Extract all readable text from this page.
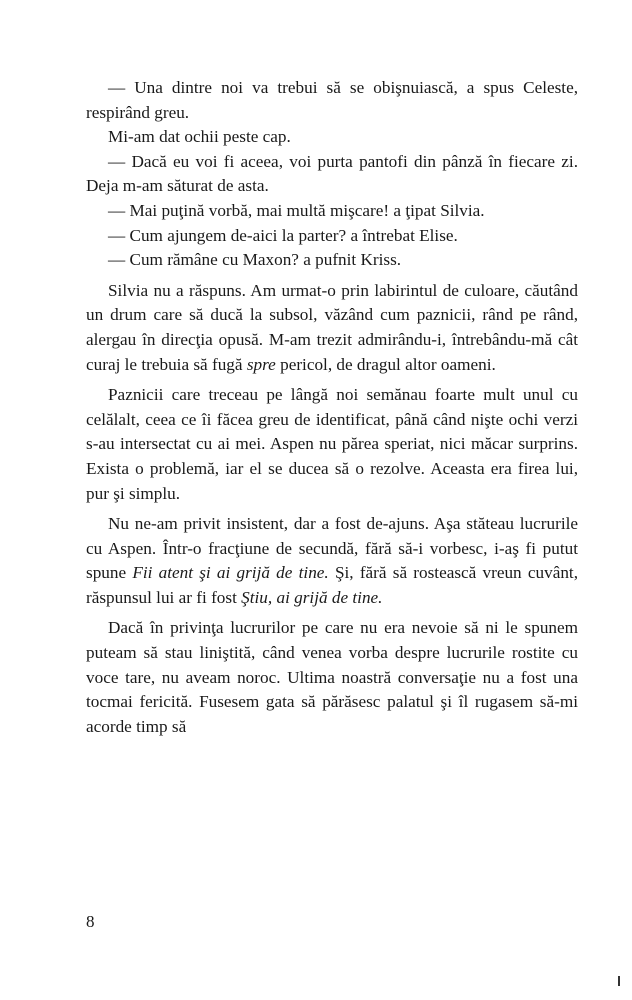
— Una dintre noi va trebui să se obişnuiască, a spus Celeste, respirând greu.

Mi-am dat ochii peste cap.

— Dacă eu voi fi aceea, voi purta pantofi din pânză în fiecare zi. Deja m-am săturat de asta.

— Mai puţină vorbă, mai multă mişcare! a ţipat Silvia.

— Cum ajungem de-aici la parter? a întrebat Elise.

— Cum rămâne cu Maxon? a pufnit Kriss.

Silvia nu a răspuns. Am urmat-o prin labirintul de culoare, căutând un drum care să ducă la subsol, văzând cum paznicii, rând pe rând, alergau în direcţia opusă. M-am trezit admirându-i, întrebându-mă cât curaj le trebuia să fugă spre pericol, de dragul altor oameni.

Paznicii care treceau pe lângă noi semănau foarte mult unul cu celălalt, ceea ce îi făcea greu de identificat, până când nişte ochi verzi s-au intersectat cu ai mei. Aspen nu părea speriat, nici măcar surprins. Exista o problemă, iar el se ducea să o rezolve. Aceasta era firea lui, pur şi simplu.

Nu ne-am privit insistent, dar a fost de-ajuns. Aşa stăteau lucrurile cu Aspen. Într-o fracţiune de secundă, fără să-i vorbesc, i-aş fi putut spune Fii atent şi ai grijă de tine. Şi, fără să rostească vreun cuvânt, răspunsul lui ar fi fost Ştiu, ai grijă de tine.

Dacă în privinţa lucrurilor pe care nu era nevoie să ni le spunem puteam să stau liniştită, când venea vorba despre lucrurile rostite cu voce tare, nu aveam noroc. Ultima noastră conversaţie nu a fost una tocmai fericită. Fusesem gata să părăsesc palatul şi îl rugasem să-mi acorde timp să

8
